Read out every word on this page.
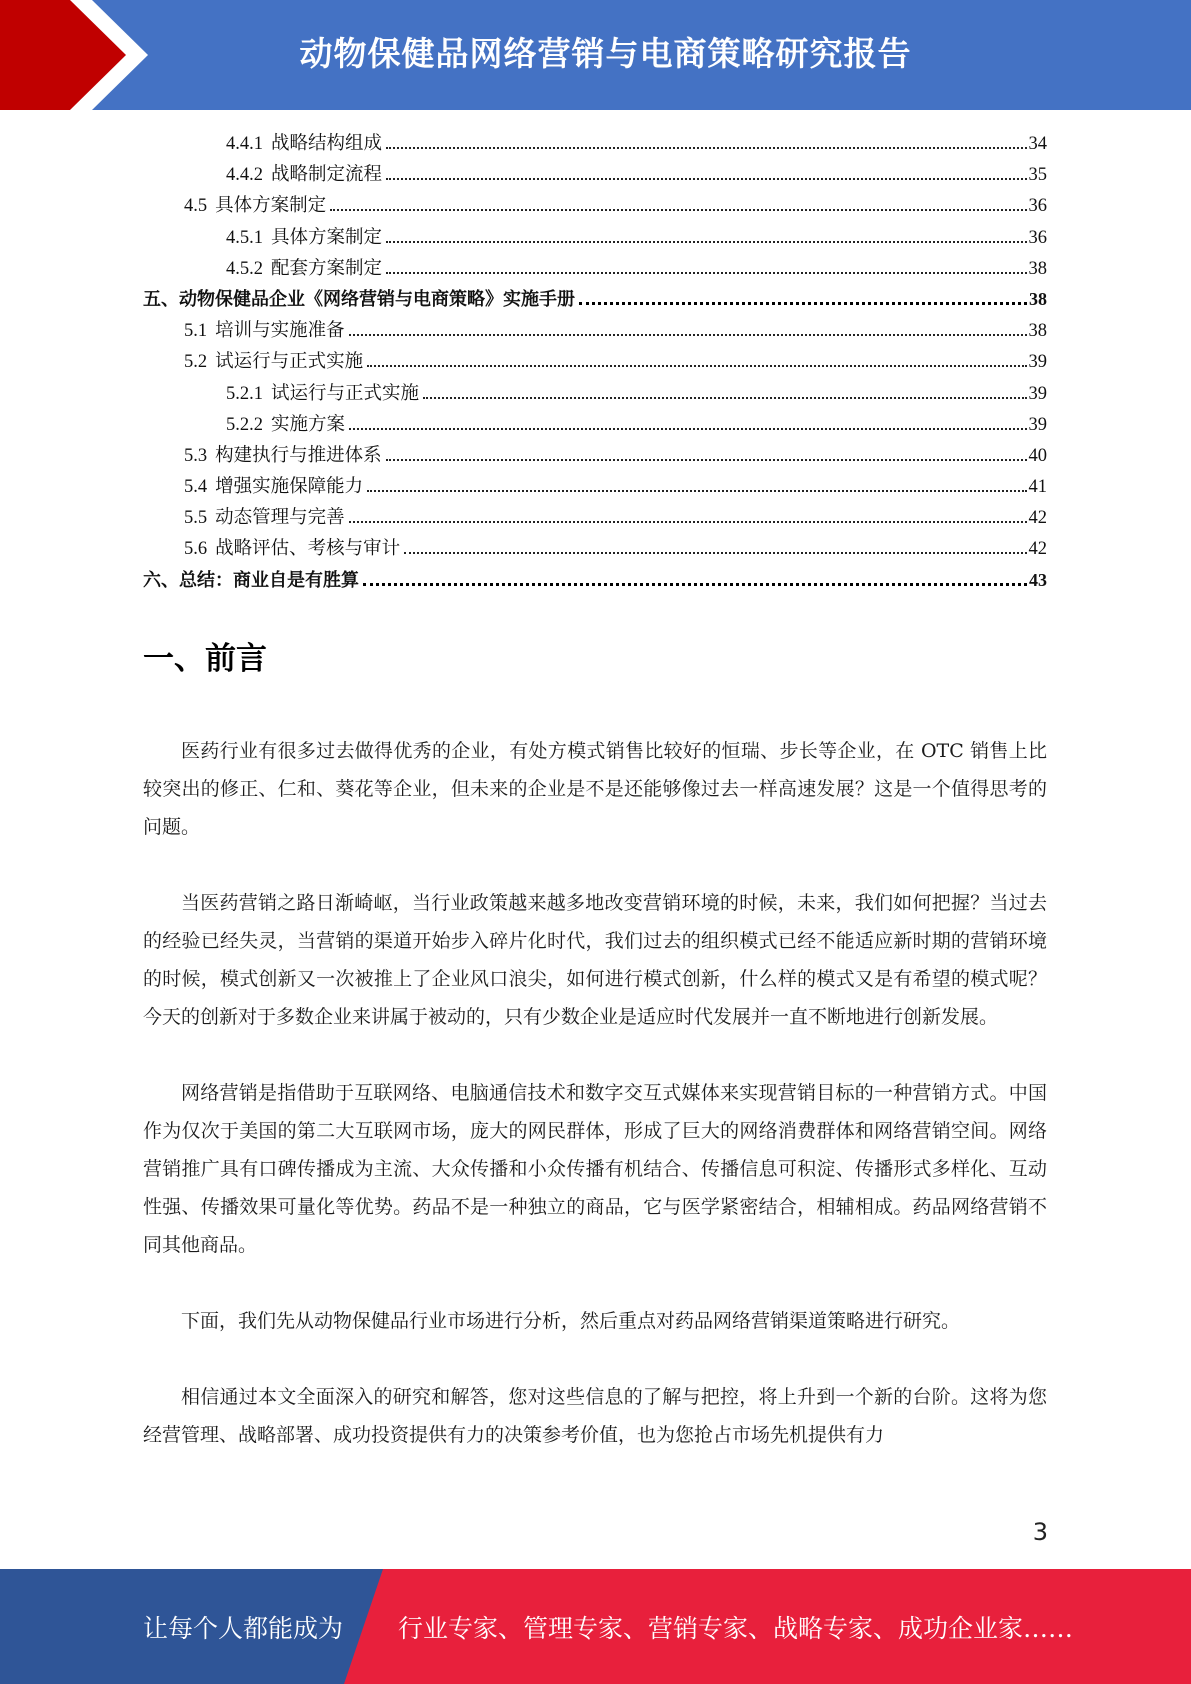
动物保健品网络营销与电商策略研究报告
4.4.1 战略结构组成	34
4.4.2 战略制定流程	35
4.5 具体方案制定	36
4.5.1 具体方案制定	36
4.5.2 配套方案制定	38
五、动物保健品企业《网络营销与电商策略》实施手册	38
5.1 培训与实施准备	38
5.2 试运行与正式实施	39
5.2.1 试运行与正式实施	39
5.2.2 实施方案	39
5.3 构建执行与推进体系	40
5.4 增强实施保障能力	41
5.5 动态管理与完善	42
5.6 战略评估、考核与审计	42
六、总结：商业自是有胜算	43
一、前言

医药行业有很多过去做得优秀的企业，有处方模式销售比较好的恒瑞、步长等企业，在 OTC 销售上比较突出的修正、仁和、葵花等企业，但未来的企业是不是还能够像过去一样高速发展？这是一个值得思考的问题。

当医药营销之路日渐崎岖，当行业政策越来越多地改变营销环境的时候，未来，我们如何把握？当过去的经验已经失灵，当营销的渠道开始步入碎片化时代，我们过去的组织模式已经不能适应新时期的营销环境的时候，模式创新又一次被推上了企业风口浪尖，如何进行模式创新，什么样的模式又是有希望的模式呢？今天的创新对于多数企业来讲属于被动的，只有少数企业是适应时代发展并一直不断地进行创新发展。

网络营销是指借助于互联网络、电脑通信技术和数字交互式媒体来实现营销目标的一种营销方式。中国作为仅次于美国的第二大互联网市场，庞大的网民群体，形成了巨大的网络消费群体和网络营销空间。网络营销推广具有口碑传播成为主流、大众传播和小众传播有机结合、传播信息可积淀、传播形式多样化、互动性强、传播效果可量化等优势。药品不是一种独立的商品，它与医学紧密结合，相辅相成。药品网络营销不同其他商品。

下面，我们先从动物保健品行业市场进行分析，然后重点对药品网络营销渠道策略进行研究。

相信通过本文全面深入的研究和解答，您对这些信息的了解与把控，将上升到一个新的台阶。这将为您经营管理、战略部署、成功投资提供有力的决策参考价值，也为您抢占市场先机提供有力

3
让每个人都能成为 行业专家、管理专家、营销专家、战略专家、成功企业家……
